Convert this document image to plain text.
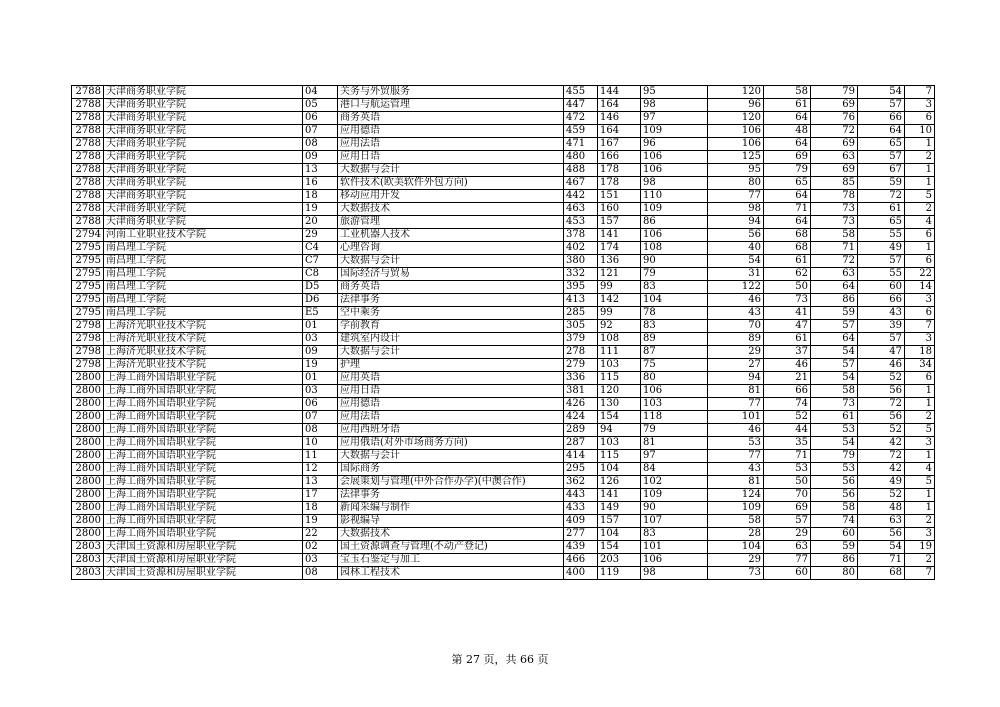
2788	天津商务职业学院	04	关务与外贸服务	455	144	95	120	58	79	54	7
2788	天津商务职业学院	05	港口与航运管理	447	164	98	96	61	69	57	3
2788	天津商务职业学院	06	商务英语	472	146	97	120	64	76	66	6
2788	天津商务职业学院	07	应用德语	459	164	109	106	48	72	64	10
2788	天津商务职业学院	08	应用法语	471	167	96	106	64	69	65	1
2788	天津商务职业学院	09	应用日语	480	166	106	125	69	63	57	2
2788	天津商务职业学院	13	大数据与会计	488	178	106	95	79	69	67	1
2788	天津商务职业学院	16	软件技术(欧美软件外包方向)	467	178	98	80	65	85	59	1
2788	天津商务职业学院	18	移动应用开发	442	151	110	77	64	78	72	5
2788	天津商务职业学院	19	大数据技术	463	160	109	98	71	73	61	2
2788	天津商务职业学院	20	旅游管理	453	157	86	94	64	73	65	4
2794	河南工业职业技术学院	29	工业机器人技术	378	141	106	56	68	58	55	6
2795	南昌理工学院	C4	心理咨询	402	174	108	40	68	71	49	1
2795	南昌理工学院	C7	大数据与会计	380	136	90	54	61	72	57	6
2795	南昌理工学院	C8	国际经济与贸易	332	121	79	31	62	63	55	22
2795	南昌理工学院	D5	商务英语	395	99	83	122	50	64	60	14
2795	南昌理工学院	D6	法律事务	413	142	104	46	73	86	66	3
2795	南昌理工学院	E5	空中乘务	285	99	78	43	41	59	43	6
2798	上海济光职业技术学院	01	学前教育	305	92	83	70	47	57	39	7
2798	上海济光职业技术学院	03	建筑室内设计	379	108	89	89	61	64	57	3
2798	上海济光职业技术学院	09	大数据与会计	278	111	87	29	37	54	47	18
2798	上海济光职业技术学院	19	护理	279	103	75	27	46	57	46	34
2800	上海工商外国语职业学院	01	应用英语	336	115	80	94	21	54	52	6
2800	上海工商外国语职业学院	03	应用日语	381	120	106	81	66	58	56	1
2800	上海工商外国语职业学院	06	应用德语	426	130	103	77	74	73	72	1
2800	上海工商外国语职业学院	07	应用法语	424	154	118	101	52	61	56	2
2800	上海工商外国语职业学院	08	应用西班牙语	289	94	79	46	44	53	52	5
2800	上海工商外国语职业学院	10	应用俄语(对外市场商务方向)	287	103	81	53	35	54	42	3
2800	上海工商外国语职业学院	11	大数据与会计	414	115	97	77	71	79	72	1
2800	上海工商外国语职业学院	12	国际商务	295	104	84	43	53	53	42	4
2800	上海工商外国语职业学院	13	会展策划与管理(中外合作办学)(中澳合作)	362	126	102	81	50	56	49	5
2800	上海工商外国语职业学院	17	法律事务	443	141	109	124	70	56	52	1
2800	上海工商外国语职业学院	18	新闻采编与制作	433	149	90	109	69	58	48	1
2800	上海工商外国语职业学院	19	影视编导	409	157	107	58	57	74	63	2
2800	上海工商外国语职业学院	22	大数据技术	277	104	83	28	29	60	56	3
2803	天津国土资源和房屋职业学院	02	国土资源调查与管理(不动产登记)	439	154	101	104	63	59	54	19
2803	天津国土资源和房屋职业学院	03	宝玉石鉴定与加工	466	203	106	29	77	86	71	2
2803	天津国土资源和房屋职业学院	08	园林工程技术	400	119	98	73	60	80	68	7
第 27 页，共 66 页
